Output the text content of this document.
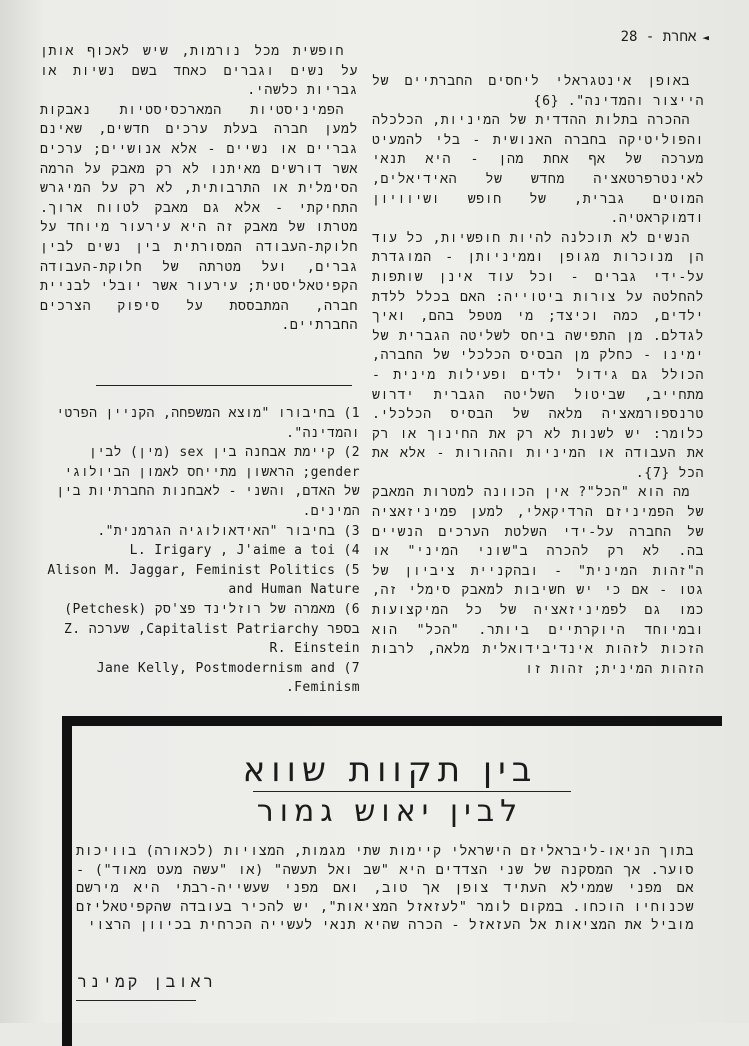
◄
אחרת - 28

באופן אינטגראלי ליחסים החברתיים של הייצור והמדינה". {6}

ההכרה בתלות ההדדית של המיניות, הכלכלה והפוליטיקה בחברה האנושית - בלי להמעיט מערכה של אף אחת מהן - היא תנאי לאינטרפרטאציה מחדש של האידיאלים, המוטים גברית, של חופש ושיוויון ודמוקראטיה.

הנשים לא תוכלנה להיות חופשיות, כל עוד הן מנוכרות מגופן וממיניותן - המוגדרת על-ידי גברים - וכל עוד אינן שותפות להחלטה על צורות ביטוייה: האם בכלל ללדת ילדים, כמה וכיצד; מי מטפל בהם, ואיך לגדלם. מן התפישה ביחס לשליטה הגברית של ימינו - כחלק מן הבסיס הכלכלי של החברה, הכולל גם גידול ילדים ופעילות מינית - מתחייב, שביטול השליטה הגברית ידרוש טרנספורמאציה מלאה של הבסיס הכלכלי. כלומר: יש לשנות לא רק את החינוך או רק את העבודה או המיניות וההורות - אלא את הכל {7}.

מה הוא "הכל"? אין הכוונה למטרות המאבק של הפמיניזם הרדיקאלי, למען פמיניזאציה של החברה על-ידי השלטת הערכים הנשיים בה. לא רק להכרה ב"שוני המיני" או ה"זהות המינית" - ובהקניית ציביון של גטו - אם כי יש חשיבות למאבק סימלי זה, כמו גם לפמיניזאציה של כל המיקצועות ובמיוחד היוקרתיים ביותר. "הכל" הוא הזכות לזהות אינדיבידואלית מלאה, לרבות הזהות המינית; זהות זו

חופשית מכל נורמות, שיש לאכוף אותן על נשים וגברים כאחד בשם נשיות או גבריות כלשהי.

הפמיניסטיות המארכסיסטיות נאבקות למען חברה בעלת ערכים חדשים, שאינם גבריים או נשיים - אלא אנושיים; ערכים אשר דורשים מאיתנו לא רק מאבק על הרמה הסימלית או התרבותית, לא רק על המיגרש התחיקתי - אלא גם מאבק לטווח ארוך. מטרתו של מאבק זה היא עירעור מיוחד על חלוקת-העבודה המסורתית בין נשים לבין גברים, ועל מטרתה של חלוקת-העבודה הקפיטאליסטית; עירעור אשר יובלי לבניית חברה, המתבססת על סיפוק הצרכים החברתיים.

1) בחיבורו "מוצא המשפחה, הקניין הפרטי והמדינה".
2) קיימת אבחנה בין sex (מין) לבין gender; הראשון מתייחס לאמון הביולוגי של האדם, והשני - לאבחנות החברתיות בין המינים.
3) בחיבור "האידאולוגיה הגרמנית".
4) L. Irigary , J'aime a toi
5) Alison M. Jaggar, Feminist Politics and Human Nature
6) מאמרה של רוזלינד פצ'סק (Petchesk) בספר Capitalist Patriarchy, שערכה Z. R. Einstein
7) Jane Kelly, Postmodernism and Feminism.
בין תקוות שווא
לבין יאוש גמור
בתוך הניאו-ליבראליזם הישראלי קיימות שתי מגמות, המצויות (לכאורה) בוויכות סוער. אך המסקנה של שני הצדדים היא "שב ואל תעשה" (או "עשה מעט מאוד") - אם מפני שממילא העתיד צופן אך טוב, ואם מפני שעשייה-רבתי היא מירשם שכנוחיו הוכחו. במקום לומר "לעזאזל המציאות", יש להכיר בעובדה שהקפיטאליזם מוביל את המציאות אל העזאזל - הכרה שהיא תנאי לעשייה הכרחית בכיוון הרצוי
ראובן קמינר
